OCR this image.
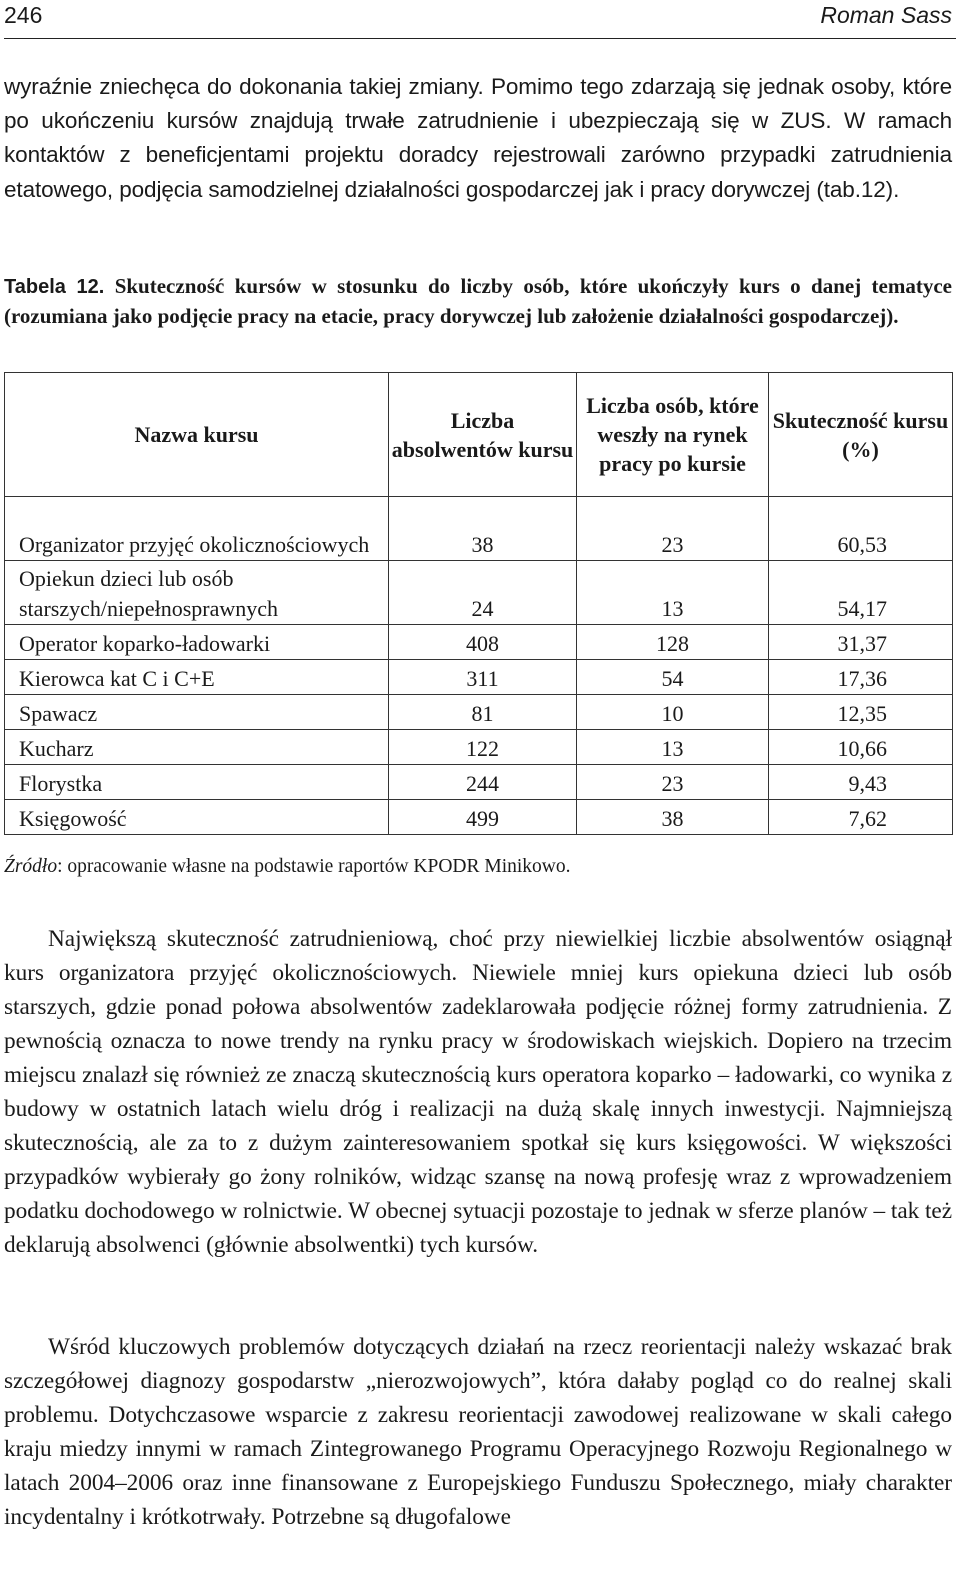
246	Roman Sass

wyraźnie zniechęca do dokonania takiej zmiany. Pomimo tego zdarzają się jednak osoby, które po ukończeniu kursów znajdują trwałe zatrudnienie i ubezpieczają się w ZUS. W ramach kontaktów z beneficjentami projektu doradcy rejestrowali zarówno przypadki zatrudnienia etatowego, podjęcia samodzielnej działalności gospodarczej jak i pracy dorywczej (tab.12).

Tabela 12. Skuteczność kursów w stosunku do liczby osób, które ukończyły kurs o danej tematyce (rozumiana jako podjęcie pracy na etacie, pracy dorywczej lub założenie działalności gospodarczej).

Nazwa kursu	Liczba absolwentów kursu	Liczba osób, które weszły na rynek pracy po kursie	Skuteczność kursu (%)
Organizator przyjęć okolicznościowych	38	23	60,53
Opiekun dzieci lub osób starszych/niepełnosprawnych	24	13	54,17
Operator koparko-ładowarki	408	128	31,37
Kierowca kat C i C+E	311	54	17,36
Spawacz	81	10	12,35
Kucharz	122	13	10,66
Florystka	244	23	9,43
Księgowość	499	38	7,62

Źródło: opracowanie własne na podstawie raportów KPODR Minikowo.

Największą skuteczność zatrudnieniową, choć przy niewielkiej liczbie absolwentów osiągnął kurs organizatora przyjęć okolicznościowych. Niewiele mniej kurs opiekuna dzieci lub osób starszych, gdzie ponad połowa absolwentów zadeklarowała podjęcie różnej formy zatrudnienia. Z pewnością oznacza to nowe trendy na rynku pracy w środowiskach wiejskich. Dopiero na trzecim miejscu znalazł się również ze znaczą skutecznością kurs operatora koparko – ładowarki, co wynika z budowy w ostatnich latach wielu dróg i realizacji na dużą skalę innych inwestycji. Najmniejszą skutecznością, ale za to z dużym zainteresowaniem spotkał się kurs księgowości. W większości przypadków wybierały go żony rolników, widząc szansę na nową profesję wraz z wprowadzeniem podatku dochodowego w rolnictwie. W obecnej sytuacji pozostaje to jednak w sferze planów – tak też deklarują absolwenci (głównie absolwentki) tych kursów.

Wśród kluczowych problemów dotyczących działań na rzecz reorientacji należy wskazać brak szczegółowej diagnozy gospodarstw „nierozwojowych”, która dałaby pogląd co do realnej skali problemu. Dotychczasowe wsparcie z zakresu reorientacji zawodowej realizowane w skali całego kraju miedzy innymi w ramach Zintegrowanego Programu Operacyjnego Rozwoju Regionalnego w latach 2004–2006 oraz inne finansowane z Europejskiego Funduszu Społecznego, miały charakter incydentalny i krótkotrwały. Potrzebne są długofalowe
